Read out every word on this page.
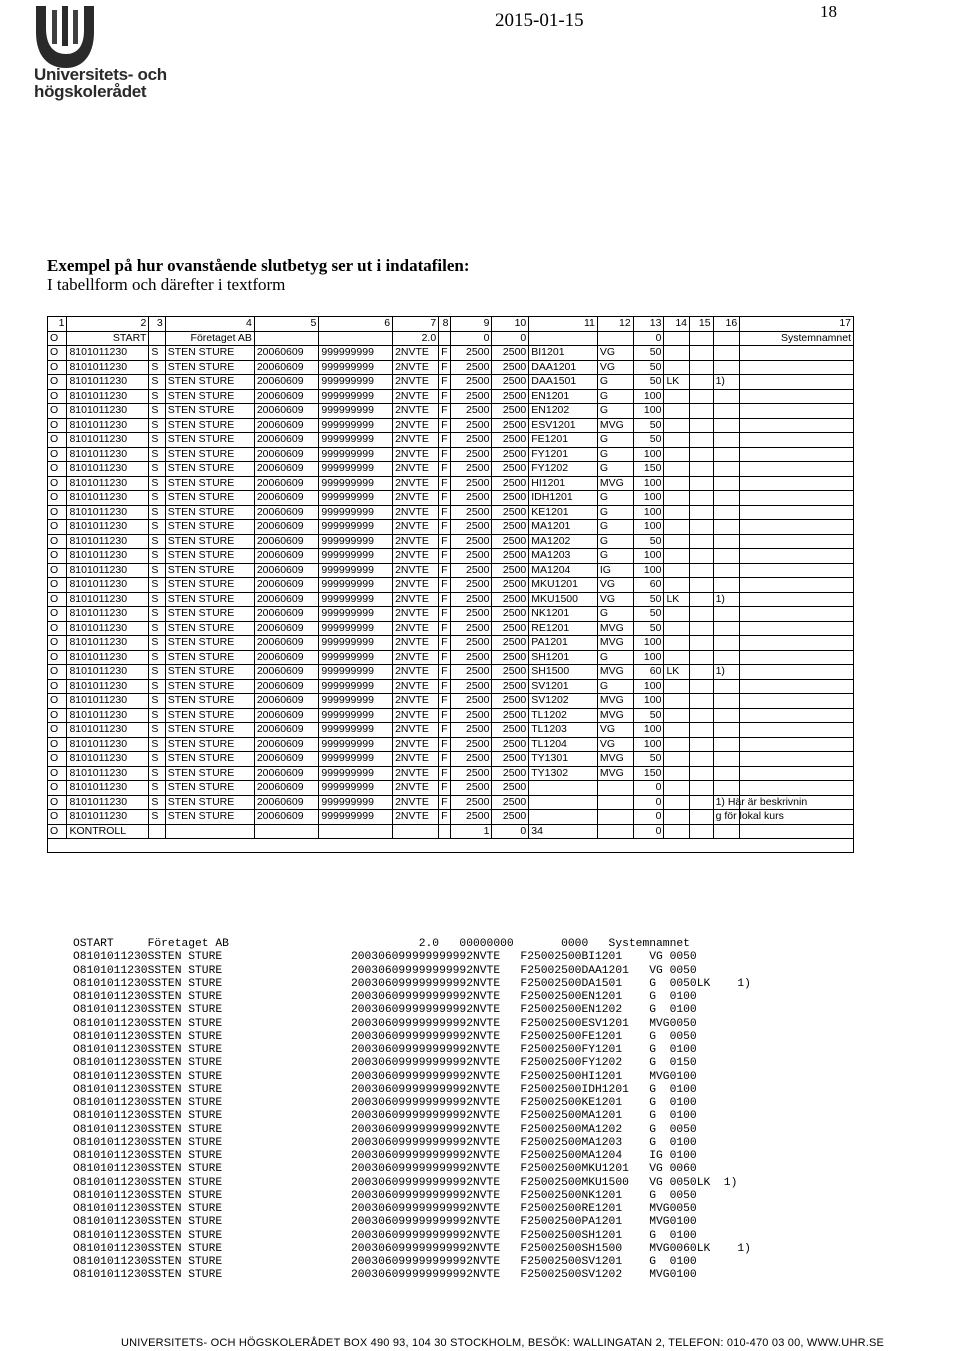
Universitets- och
högskolerådet
2015-01-15	18
Exempel på hur ovanstående slutbetyg ser ut i indatafilen:
I tabellform och därefter i textform
1	2	3	4	5	6	7	8	9	10	11	12	13	14	15	16	17
O	START		Företaget AB			2.0		0	0			0				Systemnamnet
O	8101011230	S	STEN STURE	20060609	999999999	2NVTE	F	2500	2500	BI1201	VG	50				
O	8101011230	S	STEN STURE	20060609	999999999	2NVTE	F	2500	2500	DAA1201	VG	50				
O	8101011230	S	STEN STURE	20060609	999999999	2NVTE	F	2500	2500	DAA1501	G	50	LK		1)	
O	8101011230	S	STEN STURE	20060609	999999999	2NVTE	F	2500	2500	EN1201	G	100				
O	8101011230	S	STEN STURE	20060609	999999999	2NVTE	F	2500	2500	EN1202	G	100				
O	8101011230	S	STEN STURE	20060609	999999999	2NVTE	F	2500	2500	ESV1201	MVG	50				
O	8101011230	S	STEN STURE	20060609	999999999	2NVTE	F	2500	2500	FE1201	G	50				
O	8101011230	S	STEN STURE	20060609	999999999	2NVTE	F	2500	2500	FY1201	G	100				
O	8101011230	S	STEN STURE	20060609	999999999	2NVTE	F	2500	2500	FY1202	G	150				
O	8101011230	S	STEN STURE	20060609	999999999	2NVTE	F	2500	2500	HI1201	MVG	100				
O	8101011230	S	STEN STURE	20060609	999999999	2NVTE	F	2500	2500	IDH1201	G	100				
O	8101011230	S	STEN STURE	20060609	999999999	2NVTE	F	2500	2500	KE1201	G	100				
O	8101011230	S	STEN STURE	20060609	999999999	2NVTE	F	2500	2500	MA1201	G	100				
O	8101011230	S	STEN STURE	20060609	999999999	2NVTE	F	2500	2500	MA1202	G	50				
O	8101011230	S	STEN STURE	20060609	999999999	2NVTE	F	2500	2500	MA1203	G	100				
O	8101011230	S	STEN STURE	20060609	999999999	2NVTE	F	2500	2500	MA1204	IG	100				
O	8101011230	S	STEN STURE	20060609	999999999	2NVTE	F	2500	2500	MKU1201	VG	60				
O	8101011230	S	STEN STURE	20060609	999999999	2NVTE	F	2500	2500	MKU1500	VG	50	LK		1)	
O	8101011230	S	STEN STURE	20060609	999999999	2NVTE	F	2500	2500	NK1201	G	50				
O	8101011230	S	STEN STURE	20060609	999999999	2NVTE	F	2500	2500	RE1201	MVG	50				
O	8101011230	S	STEN STURE	20060609	999999999	2NVTE	F	2500	2500	PA1201	MVG	100				
O	8101011230	S	STEN STURE	20060609	999999999	2NVTE	F	2500	2500	SH1201	G	100				
O	8101011230	S	STEN STURE	20060609	999999999	2NVTE	F	2500	2500	SH1500	MVG	60	LK		1)	
O	8101011230	S	STEN STURE	20060609	999999999	2NVTE	F	2500	2500	SV1201	G	100				
O	8101011230	S	STEN STURE	20060609	999999999	2NVTE	F	2500	2500	SV1202	MVG	100				
O	8101011230	S	STEN STURE	20060609	999999999	2NVTE	F	2500	2500	TL1202	MVG	50				
O	8101011230	S	STEN STURE	20060609	999999999	2NVTE	F	2500	2500	TL1203	VG	100				
O	8101011230	S	STEN STURE	20060609	999999999	2NVTE	F	2500	2500	TL1204	VG	100				
O	8101011230	S	STEN STURE	20060609	999999999	2NVTE	F	2500	2500	TY1301	MVG	50				
O	8101011230	S	STEN STURE	20060609	999999999	2NVTE	F	2500	2500	TY1302	MVG	150				
O	8101011230	S	STEN STURE	20060609	999999999	2NVTE	F	2500	2500			0				
O	8101011230	S	STEN STURE	20060609	999999999	2NVTE	F	2500	2500			0			1) Här är beskrivnin	
O	8101011230	S	STEN STURE	20060609	999999999	2NVTE	F	2500	2500			0			g för lokal kurs	
O	KONTROLL							1	0	34		0				

OSTART     Företaget AB                            2.0   00000000       0000   Systemnamnet
O8101011230SSTEN STURE                   200306099999999992NVTE   F25002500BI1201    VG 0050
O8101011230SSTEN STURE                   200306099999999992NVTE   F25002500DAA1201   VG 0050
O8101011230SSTEN STURE                   200306099999999992NVTE   F25002500DA1501    G  0050LK    1)
O8101011230SSTEN STURE                   200306099999999992NVTE   F25002500EN1201    G  0100
O8101011230SSTEN STURE                   200306099999999992NVTE   F25002500EN1202    G  0100
O8101011230SSTEN STURE                   200306099999999992NVTE   F25002500ESV1201   MVG0050
O8101011230SSTEN STURE                   200306099999999992NVTE   F25002500FE1201    G  0050
O8101011230SSTEN STURE                   200306099999999992NVTE   F25002500FY1201    G  0100
O8101011230SSTEN STURE                   200306099999999992NVTE   F25002500FY1202    G  0150
O8101011230SSTEN STURE                   200306099999999992NVTE   F25002500HI1201    MVG0100
O8101011230SSTEN STURE                   200306099999999992NVTE   F25002500IDH1201   G  0100
O8101011230SSTEN STURE                   200306099999999992NVTE   F25002500KE1201    G  0100
O8101011230SSTEN STURE                   200306099999999992NVTE   F25002500MA1201    G  0100
O8101011230SSTEN STURE                   200306099999999992NVTE   F25002500MA1202    G  0050
O8101011230SSTEN STURE                   200306099999999992NVTE   F25002500MA1203    G  0100
O8101011230SSTEN STURE                   200306099999999992NVTE   F25002500MA1204    IG 0100
O8101011230SSTEN STURE                   200306099999999992NVTE   F25002500MKU1201   VG 0060
O8101011230SSTEN STURE                   200306099999999992NVTE   F25002500MKU1500   VG 0050LK  1)
O8101011230SSTEN STURE                   200306099999999992NVTE   F25002500NK1201    G  0050
O8101011230SSTEN STURE                   200306099999999992NVTE   F25002500RE1201    MVG0050
O8101011230SSTEN STURE                   200306099999999992NVTE   F25002500PA1201    MVG0100
O8101011230SSTEN STURE                   200306099999999992NVTE   F25002500SH1201    G  0100
O8101011230SSTEN STURE                   200306099999999992NVTE   F25002500SH1500    MVG0060LK    1)
O8101011230SSTEN STURE                   200306099999999992NVTE   F25002500SV1201    G  0100
O8101011230SSTEN STURE                   200306099999999992NVTE   F25002500SV1202    MVG0100
UNIVERSITETS- OCH HÖGSKOLERÅDET BOX 490 93, 104 30 STOCKHOLM, BESÖK: WALLINGATAN 2, TELEFON: 010-470 03 00, WWW.UHR.SE
